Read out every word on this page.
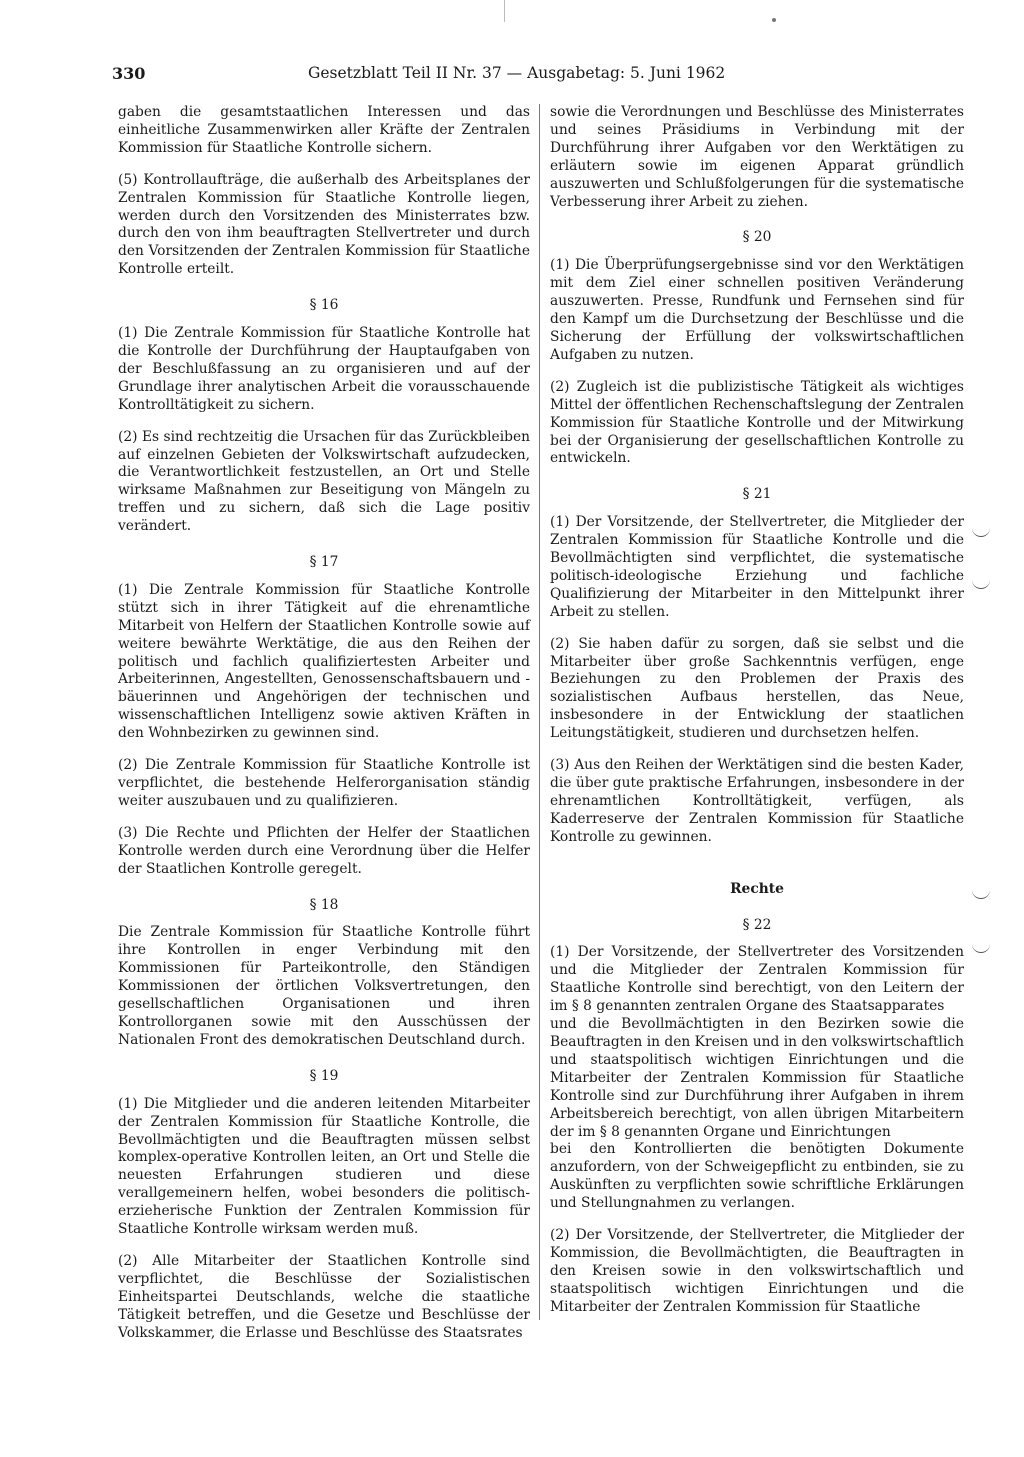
330	Gesetzblatt Teil II Nr. 37 — Ausgabetag: 5. Juni 1962
gaben die gesamtstaatlichen Interessen und das einheitliche Zusammenwirken aller Kräfte der Zentralen Kommission für Staatliche Kontrolle sichern.
(5) Kontrollaufträge, die außerhalb des Arbeitsplanes der Zentralen Kommission für Staatliche Kontrolle liegen, werden durch den Vorsitzenden des Ministerrates bzw. durch den von ihm beauftragten Stellvertreter und durch den Vorsitzenden der Zentralen Kommission für Staatliche Kontrolle erteilt.
§ 16
(1) Die Zentrale Kommission für Staatliche Kontrolle hat die Kontrolle der Durchführung der Hauptaufgaben von der Beschlußfassung an zu organisieren und auf der Grundlage ihrer analytischen Arbeit die vorausschauende Kontrolltätigkeit zu sichern.
(2) Es sind rechtzeitig die Ursachen für das Zurückbleiben auf einzelnen Gebieten der Volkswirtschaft aufzudecken, die Verantwortlichkeit festzustellen, an Ort und Stelle wirksame Maßnahmen zur Beseitigung von Mängeln zu treffen und zu sichern, daß sich die Lage positiv verändert.
§ 17
(1) Die Zentrale Kommission für Staatliche Kontrolle stützt sich in ihrer Tätigkeit auf die ehrenamtliche Mitarbeit von Helfern der Staatlichen Kontrolle sowie auf weitere bewährte Werktätige, die aus den Reihen der politisch und fachlich qualifiziertesten Arbeiter und Arbeiterinnen, Angestellten, Genossenschaftsbauern und -bäuerinnen und Angehörigen der technischen und wissenschaftlichen Intelligenz sowie aktiven Kräften in den Wohnbezirken zu gewinnen sind.
(2) Die Zentrale Kommission für Staatliche Kontrolle ist verpflichtet, die bestehende Helferorganisation ständig weiter auszubauen und zu qualifizieren.
(3) Die Rechte und Pflichten der Helfer der Staatlichen Kontrolle werden durch eine Verordnung über die Helfer der Staatlichen Kontrolle geregelt.
§ 18
Die Zentrale Kommission für Staatliche Kontrolle führt ihre Kontrollen in enger Verbindung mit den Kommissionen für Parteikontrolle, den Ständigen Kommissionen der örtlichen Volksvertretungen, den gesellschaftlichen Organisationen und ihren Kontrollorganen sowie mit den Ausschüssen der Nationalen Front des demokratischen Deutschland durch.
§ 19
(1) Die Mitglieder und die anderen leitenden Mitarbeiter der Zentralen Kommission für Staatliche Kontrolle, die Bevollmächtigten und die Beauftragten müssen selbst komplex-operative Kontrollen leiten, an Ort und Stelle die neuesten Erfahrungen studieren und diese verallgemeinern helfen, wobei besonders die politisch-erzieherische Funktion der Zentralen Kommission für Staatliche Kontrolle wirksam werden muß.
(2) Alle Mitarbeiter der Staatlichen Kontrolle sind verpflichtet, die Beschlüsse der Sozialistischen Einheitspartei Deutschlands, welche die staatliche Tätigkeit betreffen, und die Gesetze und Beschlüsse der Volkskammer, die Erlasse und Beschlüsse des Staatsrates
sowie die Verordnungen und Beschlüsse des Ministerrates und seines Präsidiums in Verbindung mit der Durchführung ihrer Aufgaben vor den Werktätigen zu erläutern sowie im eigenen Apparat gründlich auszuwerten und Schlußfolgerungen für die systematische Verbesserung ihrer Arbeit zu ziehen.
§ 20
(1) Die Überprüfungsergebnisse sind vor den Werktätigen mit dem Ziel einer schnellen positiven Veränderung auszuwerten. Presse, Rundfunk und Fernsehen sind für den Kampf um die Durchsetzung der Beschlüsse und die Sicherung der Erfüllung der volkswirtschaftlichen Aufgaben zu nutzen.
(2) Zugleich ist die publizistische Tätigkeit als wichtiges Mittel der öffentlichen Rechenschaftslegung der Zentralen Kommission für Staatliche Kontrolle und der Mitwirkung bei der Organisierung der gesellschaftlichen Kontrolle zu entwickeln.
§ 21
(1) Der Vorsitzende, der Stellvertreter, die Mitglieder der Zentralen Kommission für Staatliche Kontrolle und die Bevollmächtigten sind verpflichtet, die systematische politisch-ideologische Erziehung und fachliche Qualifizierung der Mitarbeiter in den Mittelpunkt ihrer Arbeit zu stellen.
(2) Sie haben dafür zu sorgen, daß sie selbst und die Mitarbeiter über große Sachkenntnis verfügen, enge Beziehungen zu den Problemen der Praxis des sozialistischen Aufbaus herstellen, das Neue, insbesondere in der Entwicklung der staatlichen Leitungstätigkeit, studieren und durchsetzen helfen.
(3) Aus den Reihen der Werktätigen sind die besten Kader, die über gute praktische Erfahrungen, insbesondere in der ehrenamtlichen Kontrolltätigkeit, verfügen, als Kaderreserve der Zentralen Kommission für Staatliche Kontrolle zu gewinnen.
Rechte
§ 22
(1) Der Vorsitzende, der Stellvertreter des Vorsitzenden und die Mitglieder der Zentralen Kommission für Staatliche Kontrolle sind berechtigt, von den Leitern der im § 8 genannten zentralen Organe des Staatsapparates
und die Bevollmächtigten in den Bezirken sowie die Beauftragten in den Kreisen und in den volkswirtschaftlich und staatspolitisch wichtigen Einrichtungen und die Mitarbeiter der Zentralen Kommission für Staatliche Kontrolle sind zur Durchführung ihrer Aufgaben in ihrem Arbeitsbereich berechtigt, von allen übrigen Mitarbeitern der im § 8 genannten Organe und Einrichtungen
bei den Kontrollierten die benötigten Dokumente anzufordern, von der Schweigepflicht zu entbinden, sie zu Auskünften zu verpflichten sowie schriftliche Erklärungen und Stellungnahmen zu verlangen.
(2) Der Vorsitzende, der Stellvertreter, die Mitglieder der Kommission, die Bevollmächtigten, die Beauftragten in den Kreisen sowie in den volkswirtschaftlich und staatspolitisch wichtigen Einrichtungen und die Mitarbeiter der Zentralen Kommission für Staatliche
